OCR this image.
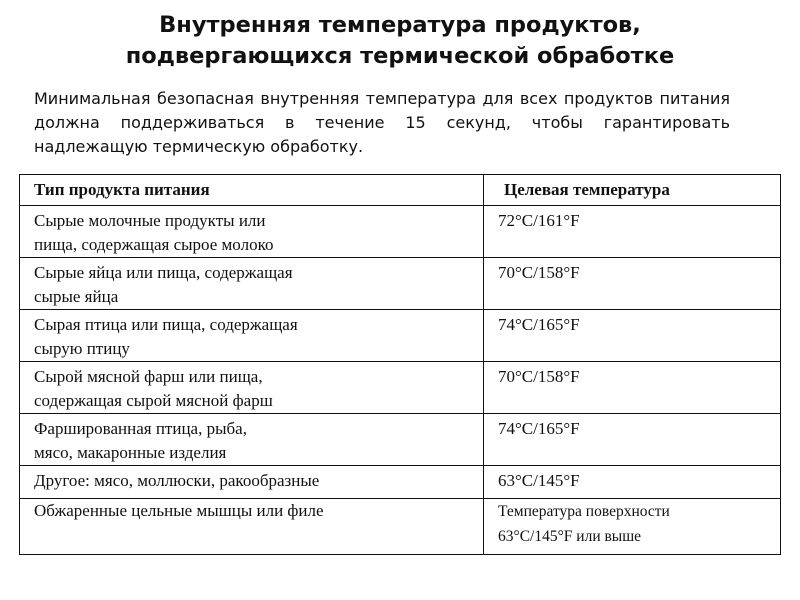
Внутренняя температура продуктов,
подвергающихся термической обработке
Минимальная безопасная внутренняя температура для всех продуктов питания должна поддерживаться в течение 15 секунд, чтобы гарантировать надлежащую термическую обработку.
Тип продукта питания	Целевая температура

Сырые молочные продукты или
пища, содержащая сырое молоко	72°C/161°F

Сырые яйца или пища, содержащая
сырые яйца	70°C/158°F

Сырая птица или пища, содержащая
сырую птицу	74°C/165°F

Сырой мясной фарш или пища,
содержащая сырой мясной фарш	70°C/158°F

Фаршированная птица, рыба,
мясо, макаронные изделия	74°C/165°F

Другое: мясо, моллюски, ракообразные	63°C/145°F

Обжаренные цельные мышцы или филе	Температура поверхности
63°C/145°F или выше
